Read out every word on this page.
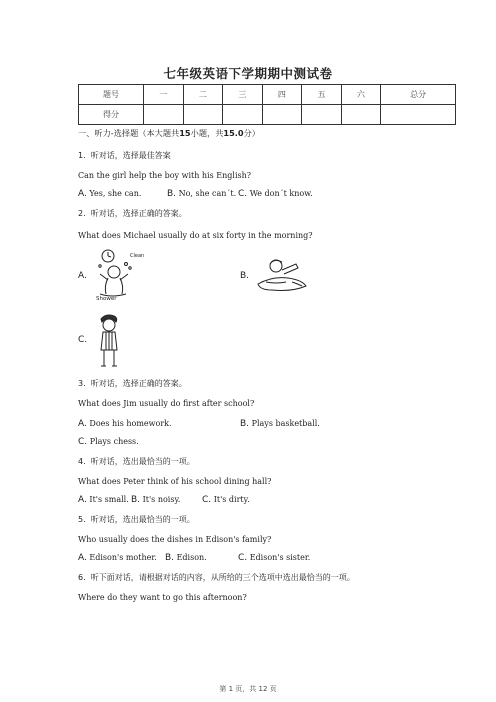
七年级英语下学期期中测试卷
题号	一	二	三	四	五	六	总分
得分							
一、听力-选择题（本大题共15小题，共15.0分）
1. 听对话，选择最佳答案
Can the girl help the boy with his English?
A. Yes, she can.	B. No, she can´t. C. We don´t know.
2. 听对话，选择正确的答案。
What does Michael usually do at six forty in the morning?
A.
Clean
Shower
B.
C.
3. 听对话，选择正确的答案。
What does Jim usually do first after school?
A. Does his homework.	B. Plays basketball.
C. Plays chess.
4. 听对话，选出最恰当的一项。
What does Peter think of his school dining hall?
A. It's small. B. It's noisy. C. It's dirty.
5. 听对话，选出最恰当的一项。
Who usually does the dishes in Edison's family?
A. Edison's mother. B. Edison.	C. Edison's sister.
6. 听下面对话，请根据对话的内容，从所给的三个选项中选出最恰当的一项。
Where do they want to go this afternoon?
第 1 页，共 12 页
